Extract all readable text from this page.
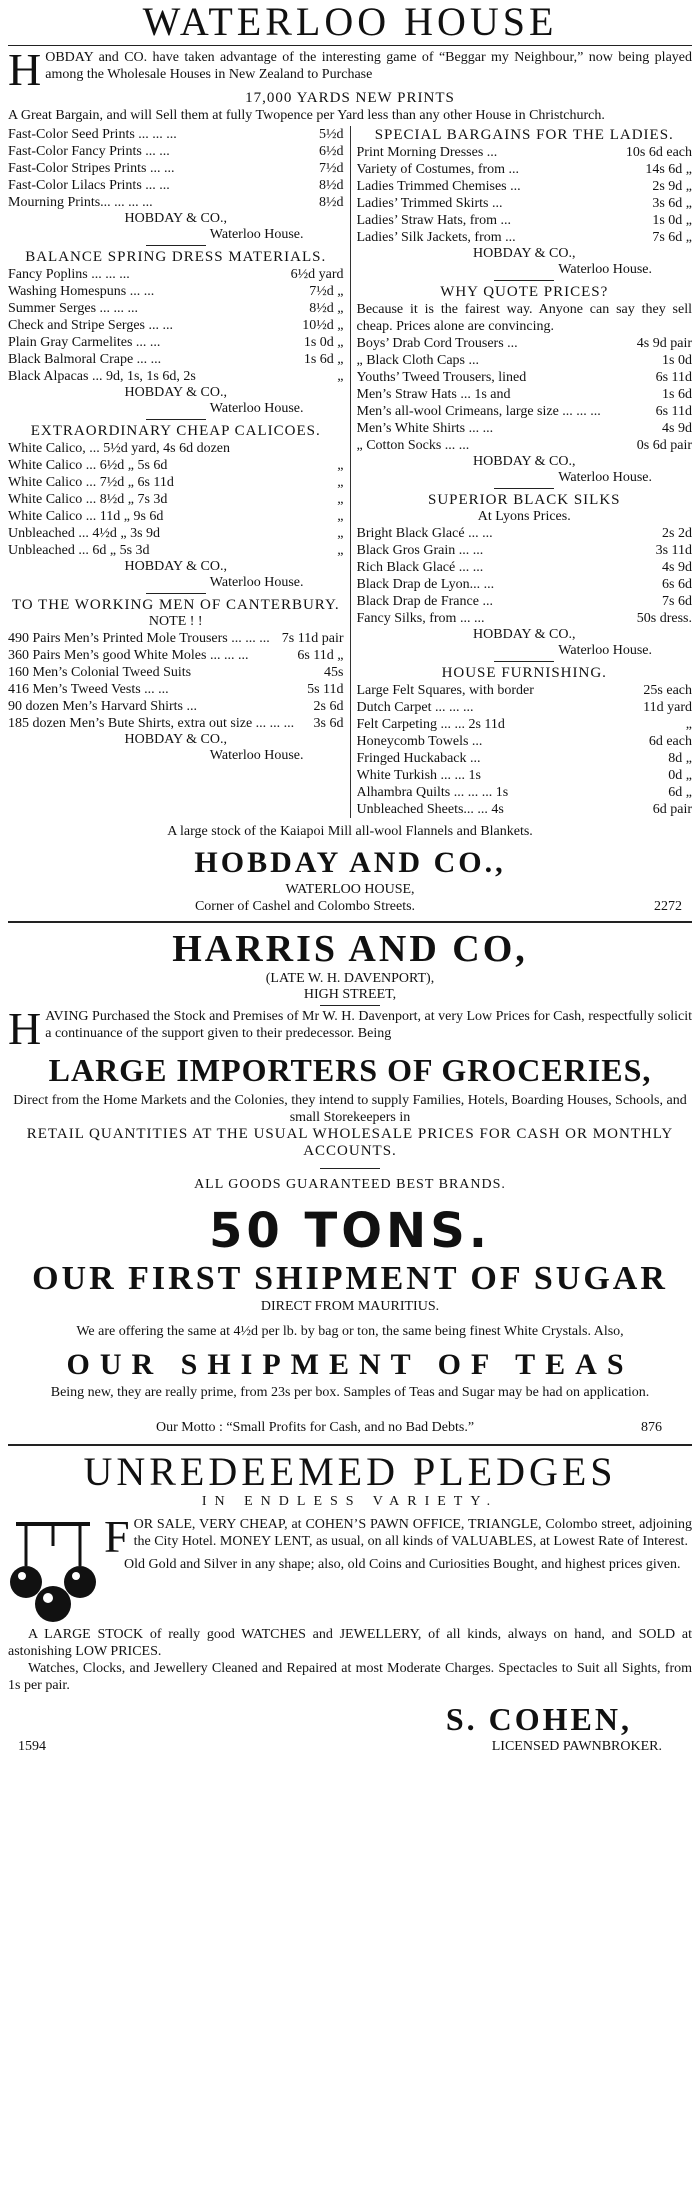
WATERLOO HOUSE
H OBDAY and CO. have taken advantage of the interesting game of “Beggar my Neighbour,” now being played among the Wholesale Houses in New Zealand to Purchase
17,000 YARDS NEW PRINTS
A Great Bargain, and will Sell them at fully Twopence per Yard less than any other House in Christchurch.
Fast-Color Seed Prints ... ... ...	5½d
Fast-Color Fancy Prints ... ...	6½d
Fast-Color Stripes Prints ... ...	7½d
Fast-Color Lilacs Prints ... ...	8½d
Mourning Prints... ... ... ...	8½d
HOBDAY & CO.,
Waterloo House.
BALANCE SPRING DRESS MATERIALS.
Fancy Poplins ... ... ...	6½d yard
Washing Homespuns ... ...	7½d „
Summer Serges ... ... ...	8½d „
Check and Stripe Serges ... ...	10½d „
Plain Gray Carmelites ... ...	1s 0d „
Black Balmoral Crape ... ...	1s 6d „
Black Alpacas ... 9d, 1s, 1s 6d, 2s	„
HOBDAY & CO.,
Waterloo House.
EXTRAORDINARY CHEAP CALICOES.
White Calico, ... 5½d yard, 4s 6d dozen
White Calico ... 6½d „ 5s 6d	„
White Calico ... 7½d „ 6s 11d	„
White Calico ... 8½d „ 7s 3d	„
White Calico ... 11d „ 9s 6d	„
Unbleached ... 4½d „ 3s 9d	„
Unbleached ... 6d „ 5s 3d	„
HOBDAY & CO.,
Waterloo House.
TO THE WORKING MEN OF CANTERBURY.
NOTE ! !
490 Pairs Men’s Printed Mole Trousers ... ... ... 7s 11d pair
360 Pairs Men’s good White Moles ... ... ...	6s 11d „
160 Men’s Colonial Tweed Suits	45s
416 Men’s Tweed Vests ... ...	5s 11d
90 dozen Men’s Harvard Shirts ...	2s 6d
185 dozen Men’s Bute Shirts, extra out size ... ... ...	3s 6d
HOBDAY & CO.,
Waterloo House.
SPECIAL BARGAINS FOR THE LADIES.
Print Morning Dresses ...	10s 6d each
Variety of Costumes, from ...	14s 6d „
Ladies Trimmed Chemises ...	2s 9d „
Ladies’ Trimmed Skirts ...	3s 6d „
Ladies’ Straw Hats, from ...	1s 0d „
Ladies’ Silk Jackets, from ...	7s 6d „
HOBDAY & CO.,
Waterloo House.
WHY QUOTE PRICES?
Because it is the fairest way. Anyone can say they sell cheap. Prices alone are convincing.
Boys’ Drab Cord Trousers ...	4s 9d pair
„ Black Cloth Caps ...	1s 0d
Youths’ Tweed Trousers, lined	6s 11d
Men’s Straw Hats ... 1s and	1s 6d
Men’s all-wool Crimeans, large size ... ... ...	6s 11d
Men’s White Shirts ... ...	4s 9d
„ Cotton Socks ... ...	0s 6d pair
HOBDAY & CO.,
Waterloo House.
SUPERIOR BLACK SILKS
At Lyons Prices.
Bright Black Glacé ... ...	2s 2d
Black Gros Grain ... ...	3s 11d
Rich Black Glacé ... ...	4s 9d
Black Drap de Lyon... ...	6s 6d
Black Drap de France ...	7s 6d
Fancy Silks, from ... ...	50s dress.
HOBDAY & CO.,
Waterloo House.
HOUSE FURNISHING.
Large Felt Squares, with border	25s each
Dutch Carpet ... ... ...	11d yard
Felt Carpeting ... ... 2s 11d	„
Honeycomb Towels ...	6d each
Fringed Huckaback ...	8d „
White Turkish ... ... 1s	0d „
Alhambra Quilts ... ... ... 1s	6d „
Unbleached Sheets... ... 4s	6d pair
A large stock of the Kaiapoi Mill all-wool Flannels and Blankets.
HOBDAY AND CO.,
WATERLOO HOUSE,
Corner of Cashel and Colombo Streets.	2272
HARRIS AND CO,
(LATE W. H. DAVENPORT),
HIGH STREET,
H AVING Purchased the Stock and Premises of Mr W. H. Davenport, at very Low Prices for Cash, respectfully solicit a continuance of the support given to their predecessor. Being
LARGE IMPORTERS OF GROCERIES,
Direct from the Home Markets and the Colonies, they intend to supply Families, Hotels, Boarding Houses, Schools, and small Storekeepers in
RETAIL QUANTITIES AT THE USUAL WHOLESALE PRICES FOR CASH OR MONTHLY ACCOUNTS.
ALL GOODS GUARANTEED BEST BRANDS.
50 TONS.
OUR FIRST SHIPMENT OF SUGAR
DIRECT FROM MAURITIUS.
We are offering the same at 4½d per lb. by bag or ton, the same being finest White Crystals. Also,
OUR SHIPMENT OF TEAS
Being new, they are really prime, from 23s per box. Samples of Teas and Sugar may be had on application.
Our Motto : “Small Profits for Cash, and no Bad Debts.”	876
UNREDEEMED PLEDGES
IN ENDLESS VARIETY.
F OR SALE, VERY CHEAP, at COHEN’S PAWN OFFICE, TRIANGLE, Colombo street, adjoining the City Hotel. MONEY LENT, as usual, on all kinds of VALUABLES, at Lowest Rate of Interest.
Old Gold and Silver in any shape; also, old Coins and Curiosities Bought, and highest prices given.
A LARGE STOCK of really good WATCHES and JEWELLERY, of all kinds, always on hand, and SOLD at astonishing LOW PRICES.
Watches, Clocks, and Jewellery Cleaned and Repaired at most Moderate Charges. Spectacles to Suit all Sights, from 1s per pair.
S. COHEN,
1594	LICENSED PAWNBROKER.
